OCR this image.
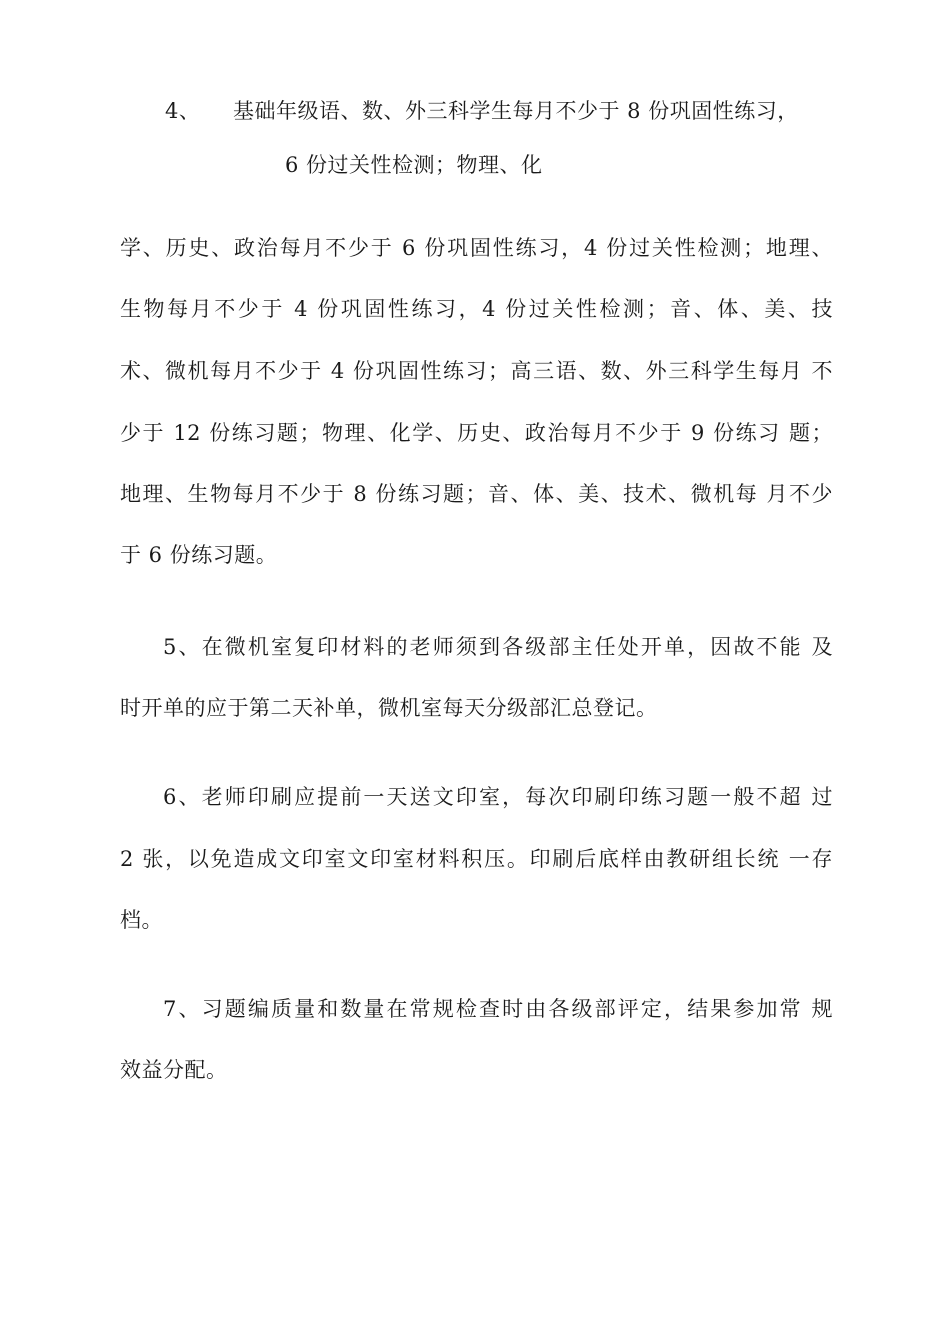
4、 基础年级语、数、外三科学生每月不少于 8 份巩固性练习，
6 份过关性检测；物理、化
学、历史、政治每月不少于 6 份巩固性练习，4 份过关性检测；地理、
生物每月不少于 4 份巩固性练习，4 份过关性检测；音、体、美、技
术、微机每月不少于 4 份巩固性练习；高三语、数、外三科学生每月 不
少于 12 份练习题；物理、化学、历史、政治每月不少于 9 份练习 题；
地理、生物每月不少于 8 份练习题；音、体、美、技术、微机每 月不少
于 6 份练习题。
5、在微机室复印材料的老师须到各级部主任处开单，因故不能 及
时开单的应于第二天补单，微机室每天分级部汇总登记。
6、老师印刷应提前一天送文印室，每次印刷印练习题一般不超 过
2 张，以免造成文印室文印室材料积压。印刷后底样由教研组长统 一存
档。
7、习题编质量和数量在常规检查时由各级部评定，结果参加常 规
效益分配。
